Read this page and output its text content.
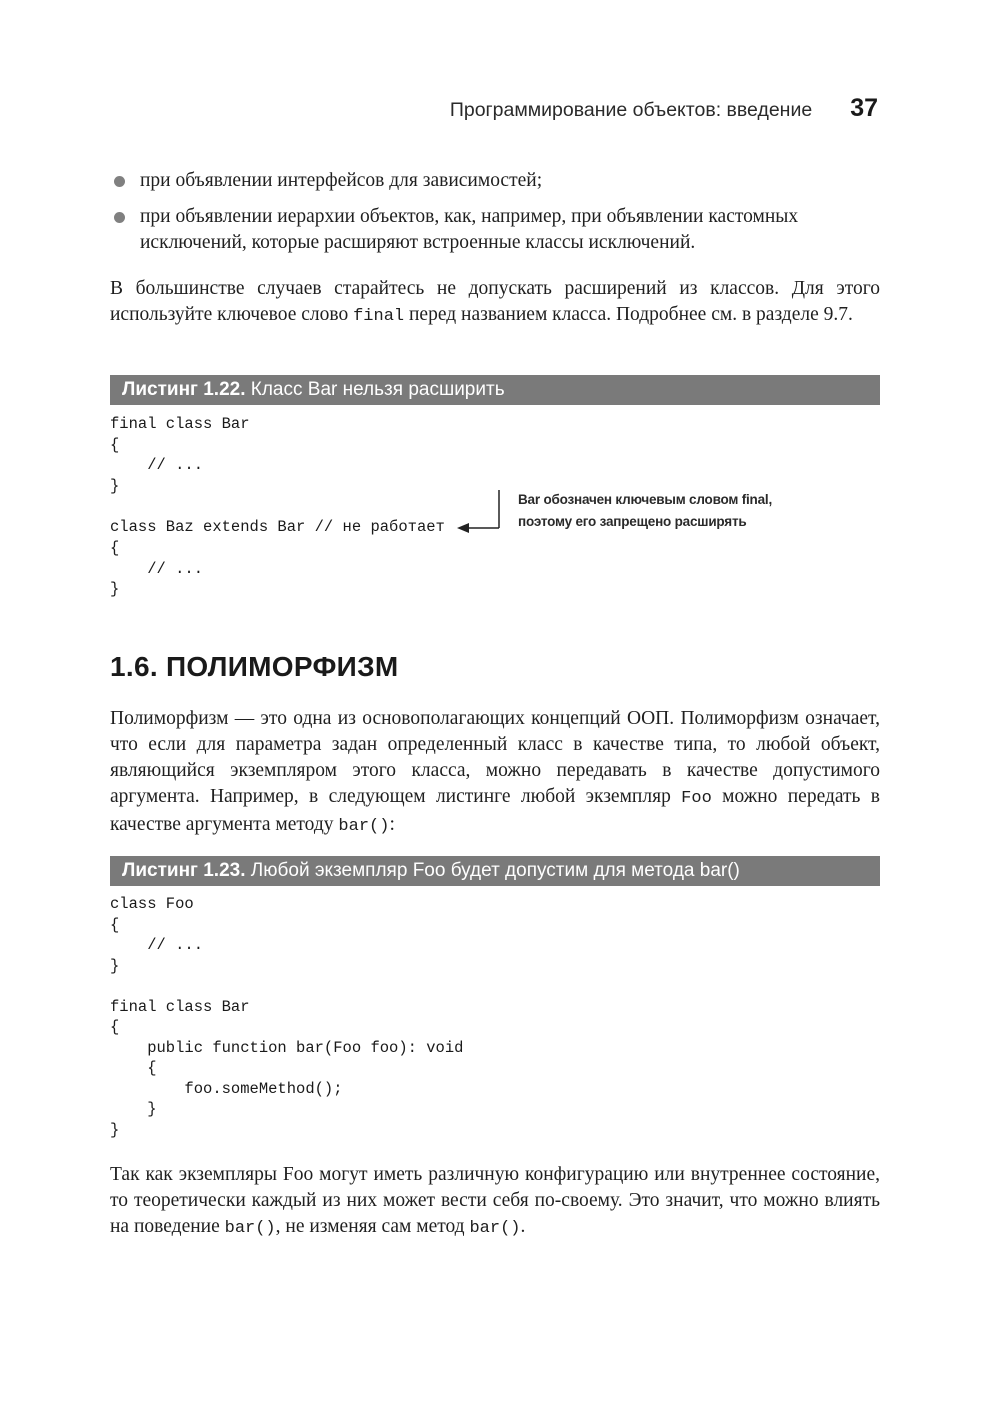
Программирование объектов: введение 37
при объявлении интерфейсов для зависимостей;
при объявлении иерархии объектов, как, например, при объявлении кастомных исключений, которые расширяют встроенные классы исключений.

В большинстве случаев старайтесь не допускать расширений из классов. Для этого используйте ключевое слово final перед названием класса. Подробнее см. в разделе 9.7.

Листинг 1.22. Класс Bar нельзя расширить
final class Bar
{
// ...
}
class Baz extends Bar // не работает
{
// ...
}
Bar обозначен ключевым словом final, поэтому его запрещено расширять
1.6. ПОЛИМОРФИЗМ

Полиморфизм — это одна из основополагающих концепций ООП. Полиморфизм означает, что если для параметра задан определенный класс в качестве типа, то любой объект, являющийся экземпляром этого класса, можно передавать в качестве допустимого аргумента. Например, в следующем листинге любой экземпляр Foo можно передать в качестве аргумента методу bar():

Листинг 1.23. Любой экземпляр Foo будет допустим для метода bar()
class Foo
{
// ...
}

final class Bar
{
public function bar(Foo foo): void
{
foo.someMethod();
}
}

Так как экземпляры Foo могут иметь различную конфигурацию или внутреннее состояние, то теоретически каждый из них может вести себя по-своему. Это значит, что можно влиять на поведение bar(), не изменяя сам метод bar().
